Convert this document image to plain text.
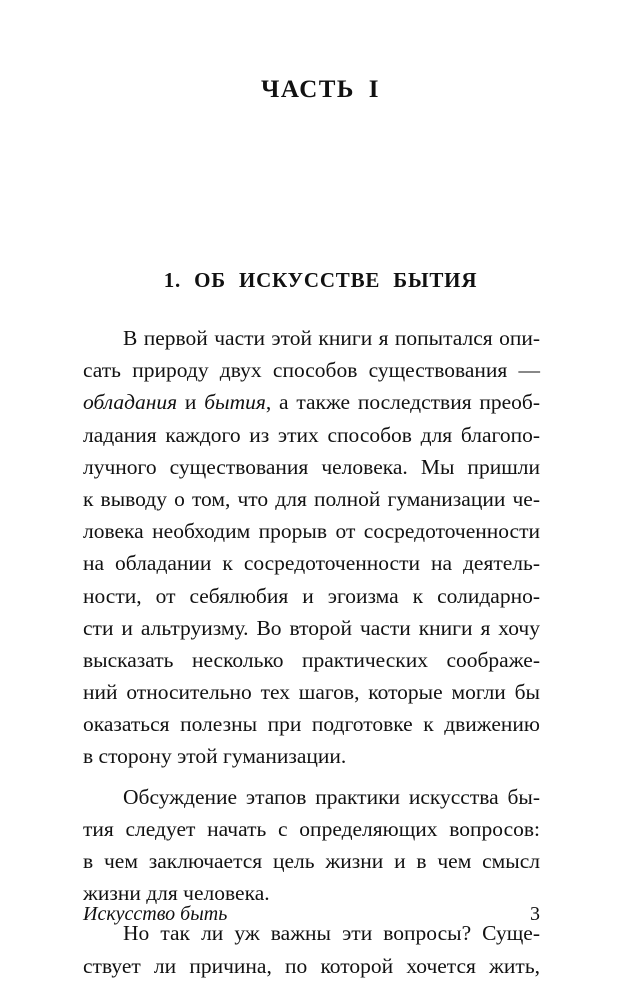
ЧАСТЬ I
1. ОБ ИСКУССТВЕ БЫТИЯ
В первой части этой книги я попытался опи-
сать природу двух способов существования —
обладания и бытия, а также последствия преоб-
ладания каждого из этих способов для благопо-
лучного существования человека. Мы пришли
к выводу о том, что для полной гуманизации че-
ловека необходим прорыв от сосредоточенности
на обладании к сосредоточенности на деятель-
ности, от себялюбия и эгоизма к солидарно-
сти и альтруизму. Во второй части книги я хочу
высказать несколько практических соображе-
ний относительно тех шагов, которые могли бы
оказаться полезны при подготовке к движению
в сторону этой гуманизации.
Обсуждение этапов практики искусства бы-
тия следует начать с определяющих вопросов:
в чем заключается цель жизни и в чем смысл
жизни для человека.
Но так ли уж важны эти вопросы? Суще-
ствует ли причина, по которой хочется жить,

Искусство быть	3
